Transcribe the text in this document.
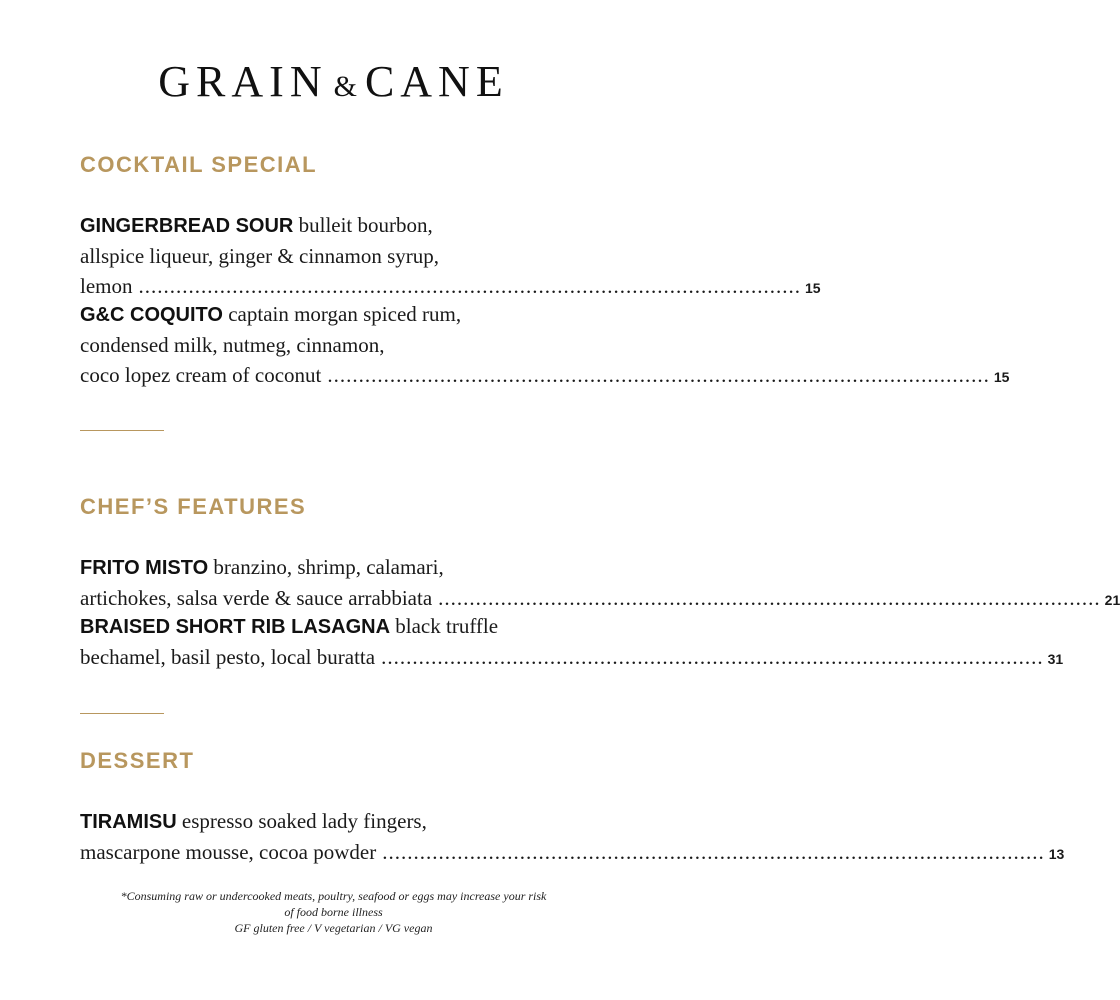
GRAIN & CANE
COCKTAIL SPECIAL
GINGERBREAD SOUR bulleit bourbon,
allspice liqueur, ginger & cinnamon syrup,
lemon .......................................................................................................... 15
G&C COQUITO captain morgan spiced rum,
condensed milk, nutmeg, cinnamon,
coco lopez cream of coconut .......................................................................................................... 15
CHEF’S FEATURES
FRITO MISTO branzino, shrimp, calamari,
artichokes, salsa verde & sauce arrabbiata .......................................................................................................... 21
BRAISED SHORT RIB LASAGNA black truffle
bechamel, basil pesto, local buratta .......................................................................................................... 31
DESSERT
TIRAMISU espresso soaked lady fingers,
mascarpone mousse, cocoa powder .......................................................................................................... 13
*Consuming raw or undercooked meats, poultry, seafood or eggs may increase your risk
of food borne illness
GF gluten free / V vegetarian / VG vegan
